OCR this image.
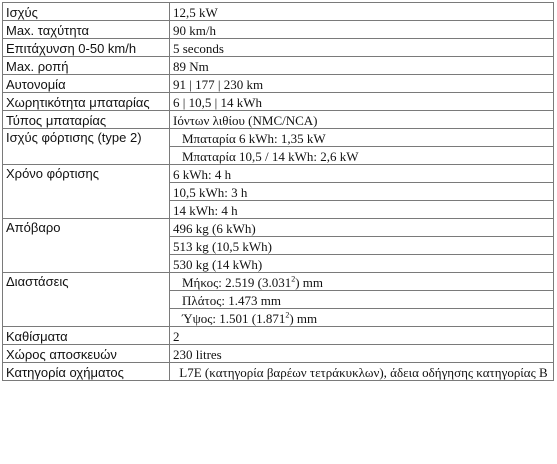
Ισχύς	12,5 kW
Max. ταχύτητα	90 km/h
Επιτάχυνση 0-50 km/h	5 seconds
Max. ροπή	89 Nm
Αυτονομία	91 | 177 | 230 km
Χωρητικότητα μπαταρίας	6 | 10,5 | 14 kWh
Τύπος μπαταρίας	Ιόντων λιθίου (NMC/NCA)
Ισχύς φόρτισης (type 2)	Μπαταρία 6 kWh: 1,35 kW
	Μπαταρία 10,5 / 14 kWh: 2,6 kW
Χρόνο φόρτισης	6 kWh: 4 h
	10,5 kWh: 3 h
	14 kWh: 4 h
Απόβαρο	496 kg (6 kWh)
	513 kg (10,5 kWh)
	530 kg (14 kWh)
Διαστάσεις	Μήκος: 2.519 (3.031$^2$) mm
	Πλάτος: 1.473 mm
	Ύψος: 1.501 (1.871$^2$) mm
Καθίσματα	2
Χώρος αποσκευών	230 litres
Κατηγορία οχήματος	L7E (κατηγορία βαρέων τετράκυκλων), άδεια οδήγησης κατηγορίας B
